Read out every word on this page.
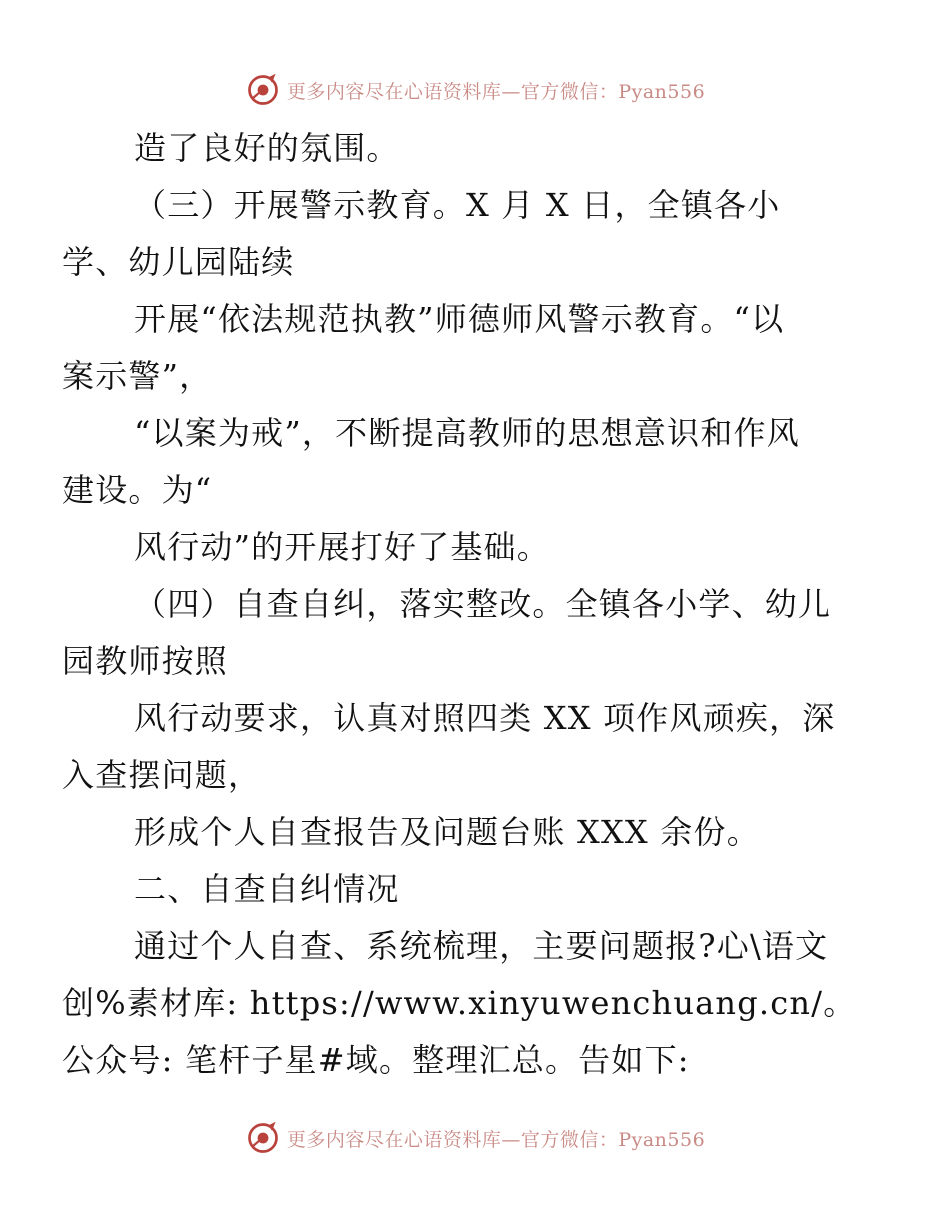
更多内容尽在心语资料库—官方微信：Pyan556

造了良好的氛围。

（三）开展警示教育。X 月 X 日，全镇各小
学、幼儿园陆续

开展“依法规范执教”师德师风警示教育。“以
案示警”，

“以案为戒”，不断提高教师的思想意识和作风
建设。为“

风行动”的开展打好了基础。

（四）自查自纠，落实整改。全镇各小学、幼儿
园教师按照

风行动要求，认真对照四类 XX 项作风顽疾，深
入查摆问题，

形成个人自查报告及问题台账 XXX 余份。

二、自查自纠情况

通过个人自查、系统梳理，主要问题报?心\语文
创%素材库: https://www.xinyuwenchuang.cn/。
公众号: 笔杆子星#域。整理汇总。告如下:

更多内容尽在心语资料库—官方微信：Pyan556
